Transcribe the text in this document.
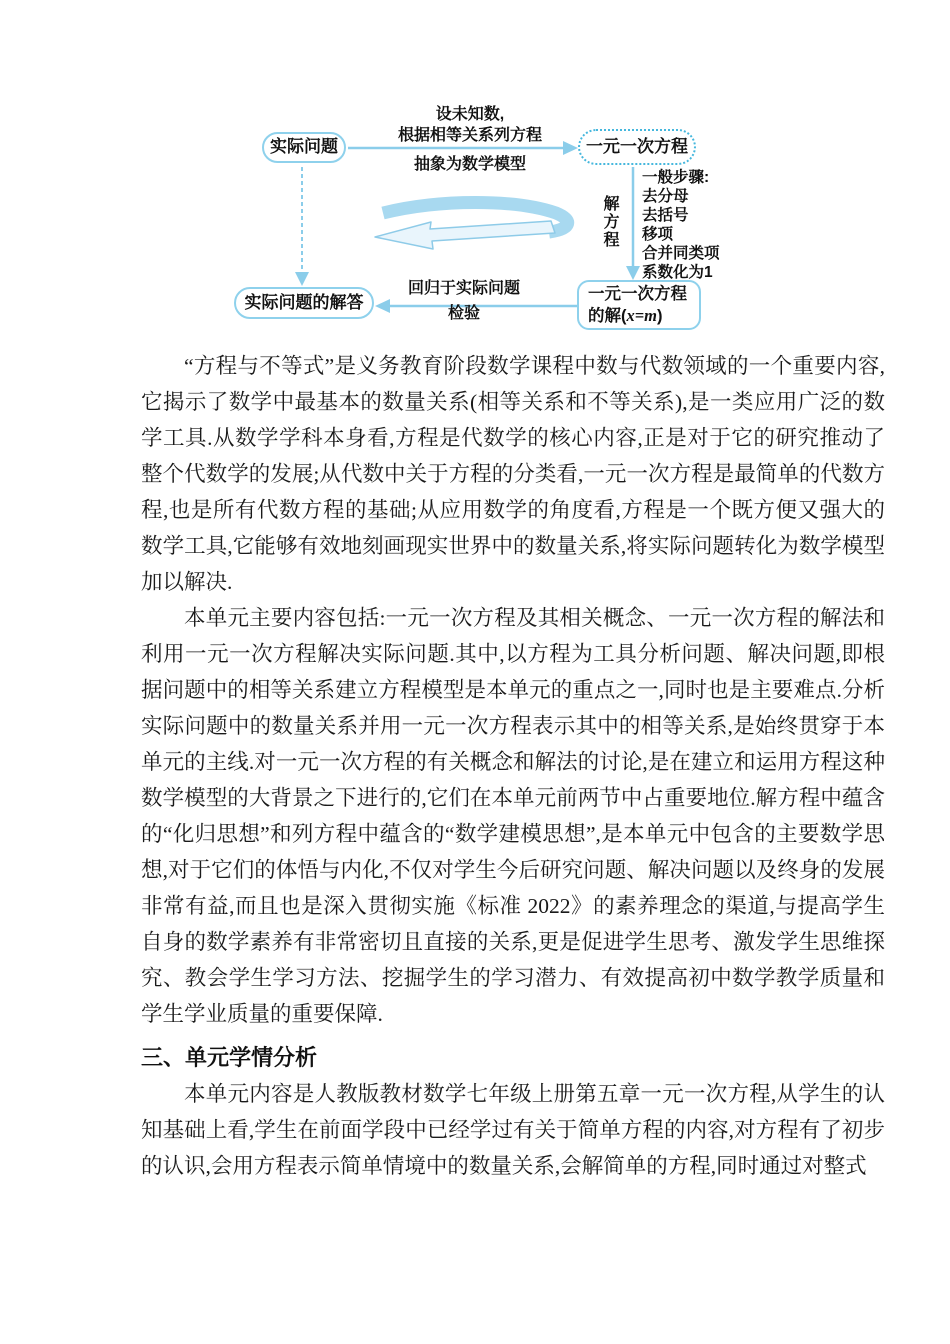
实际问题	一元一次方程
实际问题的解答	一元一次方程
的解(x=m)
设未知数,
根据相等关系列方程
抽象为数学模型
解方程
一般步骤:
去分母
去括号
移项
合并同类项
系数化为1
回归于实际问题
检验

“方程与不等式”是义务教育阶段数学课程中数与代数领域的一个重要内容,它揭示了数学中最基本的数量关系(相等关系和不等关系),是一类应用广泛的数学工具.从数学学科本身看,方程是代数学的核心内容,正是对于它的研究推动了整个代数学的发展;从代数中关于方程的分类看,一元一次方程是最简单的代数方程,也是所有代数方程的基础;从应用数学的角度看,方程是一个既方便又强大的数学工具,它能够有效地刻画现实世界中的数量关系,将实际问题转化为数学模型加以解决.

本单元主要内容包括:一元一次方程及其相关概念、一元一次方程的解法和利用一元一次方程解决实际问题.其中,以方程为工具分析问题、解决问题,即根据问题中的相等关系建立方程模型是本单元的重点之一,同时也是主要难点.分析实际问题中的数量关系并用一元一次方程表示其中的相等关系,是始终贯穿于本单元的主线.对一元一次方程的有关概念和解法的讨论,是在建立和运用方程这种数学模型的大背景之下进行的,它们在本单元前两节中占重要地位.解方程中蕴含的“化归思想”和列方程中蕴含的“数学建模思想”,是本单元中包含的主要数学思想,对于它们的体悟与内化,不仅对学生今后研究问题、解决问题以及终身的发展非常有益,而且也是深入贯彻实施《标准 2022》的素养理念的渠道,与提高学生自身的数学素养有非常密切且直接的关系,更是促进学生思考、激发学生思维探究、教会学生学习方法、挖掘学生的学习潜力、有效提高初中数学教学质量和学生学业质量的重要保障.

三、单元学情分析

本单元内容是人教版教材数学七年级上册第五章一元一次方程,从学生的认知基础上看,学生在前面学段中已经学过有关于简单方程的内容,对方程有了初步的认识,会用方程表示简单情境中的数量关系,会解简单的方程,同时通过对整式
